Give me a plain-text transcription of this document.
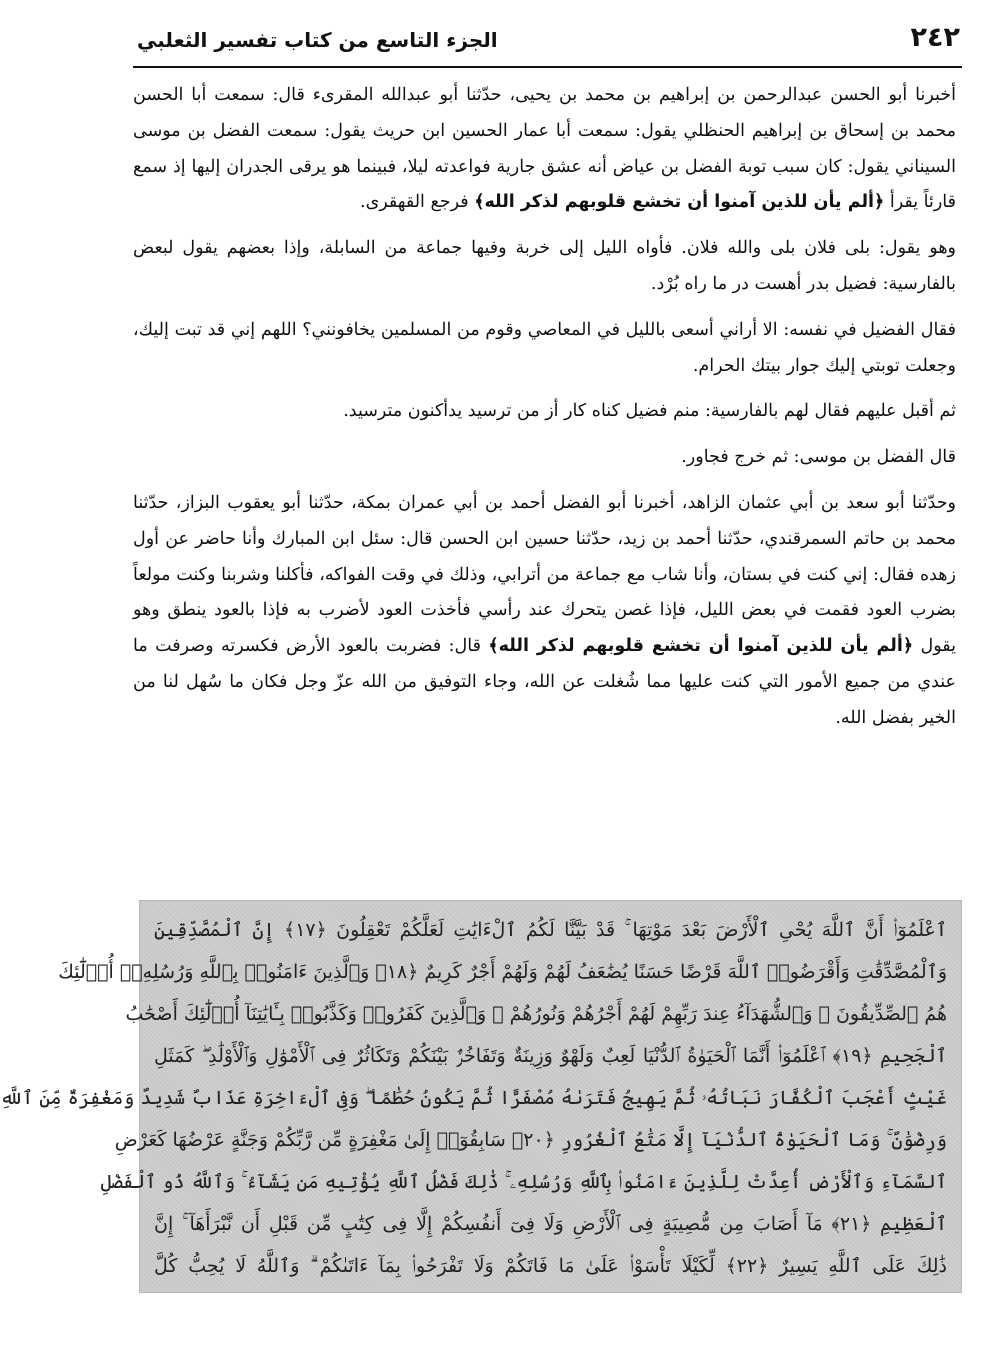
٢٤٢
الجزء التاسع من كتاب تفسير الثعلبي

أخبرنا أبو الحسن عبدالرحمن بن إبراهيم بن محمد بن يحيى، حدّثنا أبو عبدالله المقرىء قال: سمعت أبا الحسن محمد بن إسحاق بن إبراهيم الحنظلي يقول: سمعت أبا عمار الحسين ابن حريث يقول: سمعت الفضل بن موسى السيناني يقول: كان سبب توبة الفضل بن عياض أنه عشق جارية فواعدته ليلا، فبينما هو يرقى الجدران إليها إذ سمع قارئاً يقرأ ﴿ألم يأن للذين آمنوا أن تخشع قلوبهم لذكر الله﴾ فرجع القهقرى.

وهو يقول: بلى فلان بلى والله فلان. فأواه الليل إلى خربة وفيها جماعة من السابلة، وإذا بعضهم يقول لبعض بالفارسية: فضيل بدر أهست در ما راه بُرْد.

فقال الفضيل في نفسه: الا أراني أسعى بالليل في المعاصي وقوم من المسلمين يخافونني؟ اللهم إني قد تبت إليك، وجعلت توبتي إليك جوار بيتك الحرام.

ثم أقبل عليهم فقال لهم بالفارسية: منم فضيل كناه كار أز من ترسيد يدأكنون مترسيد.

قال الفضل بن موسى: ثم خرج فجاور.

وحدّثنا أبو سعد بن أبي عثمان الزاهد، أخبرنا أبو الفضل أحمد بن أبي عمران بمكة، حدّثنا أبو يعقوب البزاز، حدّثنا محمد بن حاتم السمرقندي، حدّثنا أحمد بن زيد، حدّثنا حسين ابن الحسن قال: سئل ابن المبارك وأنا حاضر عن أول زهده فقال: إني كنت في بستان، وأنا شاب مع جماعة من أترابي، وذلك في وقت الفواكه، فأكلنا وشربنا وكنت مولعاً بضرب العود فقمت في بعض الليل، فإذا غصن يتحرك عند رأسي فأخذت العود لأضرب به فإذا بالعود ينطق وهو يقول ﴿ألم يأن للذين آمنوا أن تخشع قلوبهم لذكر الله﴾ قال: فضربت بالعود الأرض فكسرته وصرفت ما عندي من جميع الأمور التي كنت عليها مما شُغلت عن الله، وجاء التوفيق من الله عزّ وجل فكان ما سُهل لنا من الخير بفضل الله.

ٱعْلَمُوٓا۟ أَنَّ ٱللَّهَ يُحْىِ ٱلْأَرْضَ بَعْدَ مَوْتِهَا ۚ قَدْ بَيَّنَّا لَكُمُ ٱلْءَايَٰتِ لَعَلَّكُمْ تَعْقِلُونَ ﴿١٧﴾ إِنَّ ٱلْمُصَّدِّقِينَ
وَٱلْمُصَّدِّقَٰتِ وَأَقْرَضُوا۟ ٱللَّهَ قَرْضًا حَسَنًا يُضَٰعَفُ لَهُمْ وَلَهُمْ أَجْرٌ كَرِيمٌ ﴿١٨﴾ وَٱلَّذِينَ ءَامَنُوا۟ بِٱللَّهِ وَرُسُلِهِۦٓ أُو۟لَٰٓئِكَ
هُمُ ٱلصِّدِّيقُونَ ۖ وَٱلشُّهَدَآءُ عِندَ رَبِّهِمْ لَهُمْ أَجْرُهُمْ وَنُورُهُمْ ۖ وَٱلَّذِينَ كَفَرُوا۟ وَكَذَّبُوا۟ بِـَٔايَٰتِنَآ أُو۟لَٰٓئِكَ أَصْحَٰبُ
ٱلْجَحِيمِ ﴿١٩﴾ ٱعْلَمُوٓا۟ أَنَّمَا ٱلْحَيَوٰةُ ٱلدُّنْيَا لَعِبٌ وَلَهْوٌ وَزِينَةٌ وَتَفَاخُرٌۢ بَيْنَكُمْ وَتَكَاثُرٌ فِى ٱلْأَمْوَٰلِ وَٱلْأَوْلَٰدِ ۖ كَمَثَلِ
غَيْثٍ أَعْجَبَ ٱلْكُفَّارَ نَبَاتُهُۥ ثُمَّ يَهِيجُ فَتَرَىٰهُ مُصْفَرًّا ثُمَّ يَكُونُ حُطَٰمًا ۖ وَفِى ٱلْءَاخِرَةِ عَذَابٌ شَدِيدٌ وَمَغْفِرَةٌ مِّنَ ٱللَّهِ
وَرِضْوَٰنٌ ۚ وَمَا ٱلْحَيَوٰةُ ٱلدُّنْيَآ إِلَّا مَتَٰعُ ٱلْغُرُورِ ﴿٢٠﴾ سَابِقُوٓا۟ إِلَىٰ مَغْفِرَةٍ مِّن رَّبِّكُمْ وَجَنَّةٍ عَرْضُهَا كَعَرْضِ
ٱلسَّمَآءِ وَٱلْأَرْضِ أُعِدَّتْ لِلَّذِينَ ءَامَنُوا۟ بِٱللَّهِ وَرُسُلِهِۦ ۚ ذَٰلِكَ فَضْلُ ٱللَّهِ يُؤْتِيهِ مَن يَشَآءُ ۚ وَٱللَّهُ ذُو ٱلْفَضْلِ
ٱلْعَظِيمِ ﴿٢١﴾ مَآ أَصَابَ مِن مُّصِيبَةٍ فِى ٱلْأَرْضِ وَلَا فِىٓ أَنفُسِكُمْ إِلَّا فِى كِتَٰبٍ مِّن قَبْلِ أَن نَّبْرَأَهَآ ۚ إِنَّ
ذَٰلِكَ عَلَى ٱللَّهِ يَسِيرٌ ﴿٢٢﴾ لِّكَيْلَا تَأْسَوْا۟ عَلَىٰ مَا فَاتَكُمْ وَلَا تَفْرَحُوا۟ بِمَآ ءَاتَىٰكُمْ ۗ وَٱللَّهُ لَا يُحِبُّ كُلَّ
